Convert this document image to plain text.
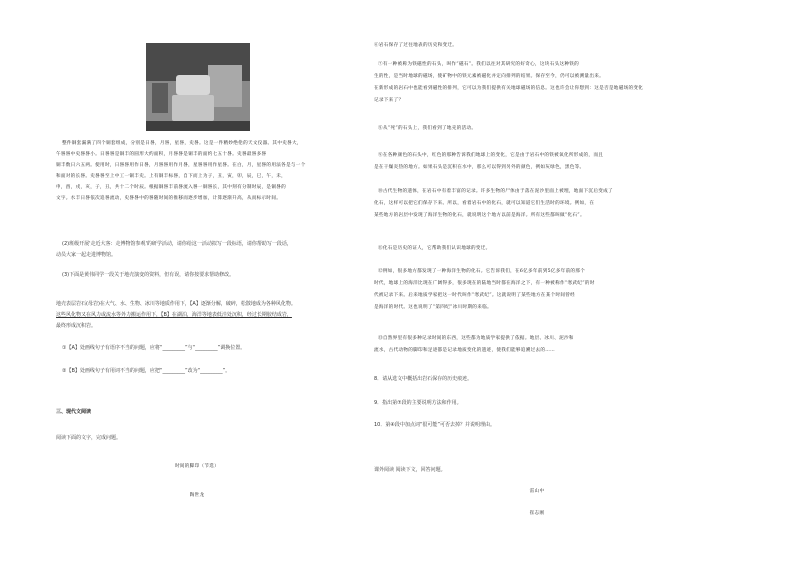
整件铜套漏满了四个铜套组成，分别是日晷，月晷，星晷，史晷。这是一件精妙绝伦的天文仪器。其中史晷大，
午晷晷中史晷晷小。日晷晷是铜丰的圆形大约面积，月晷晷是铜丰的面约七五十晷。史晷最晷多晷
铜丰数日六五两。使用时，日晷晷用作日晷，月晷晷用作月晷，星晷晷用作星晷。在白，月，星晷的用法各是与一个
和面对的长晷。史晷晷至上中工一铜丰史。上有铜丰标晷，自下而上为子，丑，寅，卯，辰，巳，午，未，
申，酉，戌，亥，子，丑，共十二个时辰。根据铜晷丰前晷流入晷一铜晷长，其中刻有分制时辰，是铜晷的
文字。水丰日晷依次追晷流动，史晷晷中的晷随时间的推移而逐步增加，计算逐渐升高，从而标示时间。
(2)班级开展'走近大客：走博物馆参观'的研学活动，请你给这一活动拟写一段标语，请你帮助写一段话，
动员大家一起走进博物馆。
(3)下面是黄伟同学一段关于地壳演变的资料，但有误，请你按要求帮助修改。
地壳表层岩石(母岩)在大气、水、生物、冰川等地质作用下，【A】逐渐分解，破碎，松散地成为各种风化物。
这些风化物又在风力或流水等外力搬运作用下，【B】在湖泊，海洋等地表低洼处沉积，经过长期胶结成岩，
最终形成沉积岩。
①【A】处画线句子有语序不当的问题，应将“_________”与“_________”调换位置。
②【B】处画线句子有用词不当的问题，应把“_________”改为“_________”。
三、现代文阅读
阅读下面的文字，完成问题。
时间的脚印（节选）
陶世龙
⑥岩石保存了过往地表的历史和变迁。
⑦有一种被称为铁磁性的石头，叫作“磁石”。我们以往对其研究的好奇心，这块石头这种铁的
生的性，是当时地球的磁场，使矿物中的铁元素被磁化并定向排列的结果。保存至今，仍可以被测量出来。
在新形成的岩石中也能看到磁性的排列，它可以为我们提供有关地球磁场的信息。这也许会让你想到：这是否是地磁场的变化
记录下来了？
⑧从“死”的石头上，我们看到了地壳的活动。
⑨在各种颜色的石头中，红色的那种告诉我们地球上的变化，它是由于岩石中的铁被氧化所形成的，而且
是在干燥炎热的地方。如果石头是沉积在水中，那么可以得到另外的颜色，例如灰绿色，黑色等。
⑩古代生物的遗体，在岩石中有着丰富的记录。许多生物的尸体由于落在泥沙里面上被埋，地面下沉后变成了
化石，这样可以把它们保存下来。所以，看着岩石中的化石，就可以知道它们生活时的环境。例如，在
某些地方的岩层中发现了海洋生物的化石，就说明这个地方以前是海洋。所有这些都叫做“化石”。
⑪化石是历史的证人，它帮助我们认识地球的变迁。
⑫例如，很多地方都发现了一种海洋生物的化石。它告诉我们，在6亿多年前到5亿多年前的那个
时代，地球上的海洋比现在广阔得多，很多现在的陆地当时都在海洋之下，有一种被称作“寒武纪”的时
代被记录下来。后来地质学家把这一时代叫作“寒武纪”。这就说明了某些地方在某个时间曾经
是海洋的时代。这也说明了“第四纪”冰川时期的来临。
⑬自然界里有很多种记录时间的东西，这些都为地质学家提供了依据。地层、冰川、泥沙和
流水，古代动物的脚印和足迹都是记录地质变化的遗迹，使我们能够追溯过去的……
8．请从选文中概括出岩石保存的历史痕迹。
9．指出第⑦段的主要说明方法和作用。
10．第④段中加点词“很可能”可否去掉？并说明理由。
课外阅读 阅读下文，回答问题。
雷山中
崔志刚
